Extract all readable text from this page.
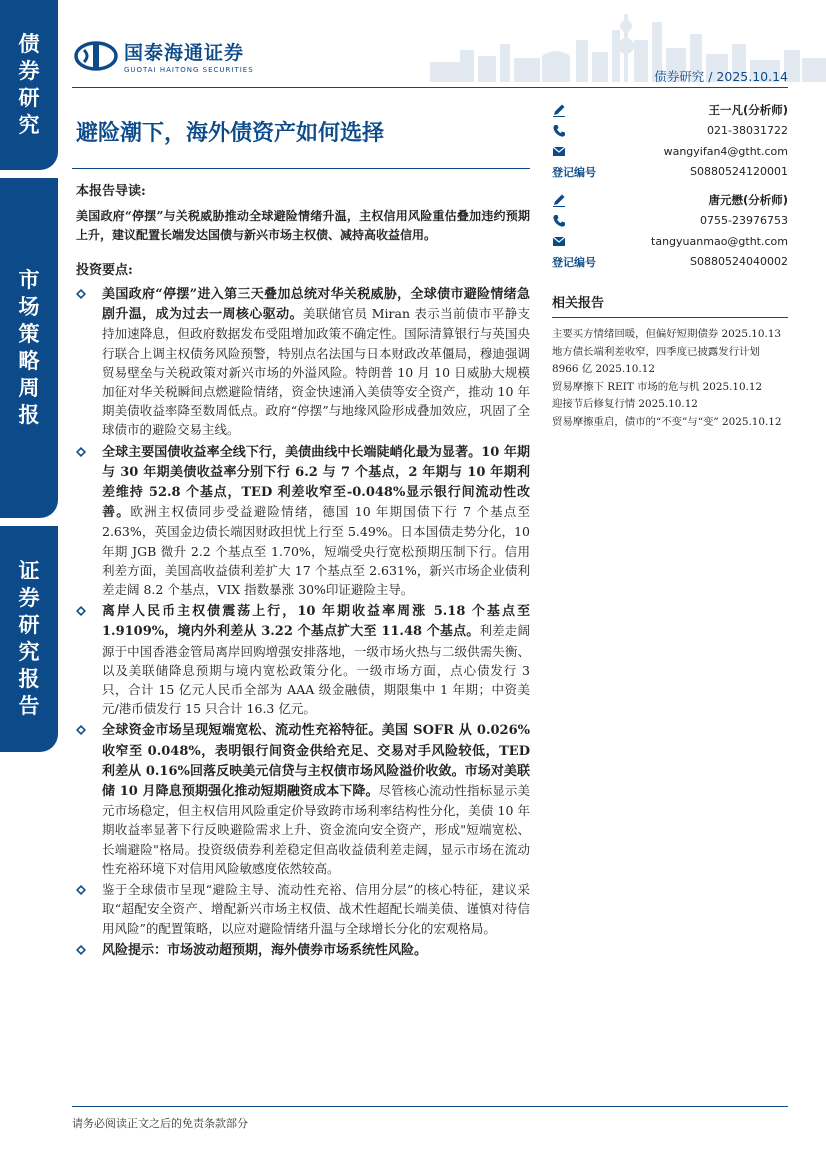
债券研究
市场策略周报
证券研究报告
国泰海通证券
GUOTAI HAITONG SECURITIES	债券研究 / 2025.10.14
避险潮下，海外债资产如何选择

本报告导读:

美国政府“停摆”与关税威胁推动全球避险情绪升温，主权信用风险重估叠加违约预期上升，建议配置长端发达国债与新兴市场主权债、减持高收益信用。

投资要点:

美国政府“停摆”进入第三天叠加总统对华关税威胁，全球债市避险情绪急剧升温，成为过去一周核心驱动。美联储官员 Miran 表示当前债市平静支持加速降息，但政府数据发布受阻增加政策不确定性。国际清算银行与英国央行联合上调主权债务风险预警，特别点名法国与日本财政改革僵局，穆迪强调贸易壁垒与关税政策对新兴市场的外溢风险。特朗普 10 月 10 日威胁大规模加征对华关税瞬间点燃避险情绪，资金快速涌入美债等安全资产，推动 10 年期美债收益率降至数周低点。政府“停摆”与地缘风险形成叠加效应，巩固了全球债市的避险交易主线。
全球主要国债收益率全线下行，美债曲线中长端陡峭化最为显著。10 年期与 30 年期美债收益率分别下行 6.2 与 7 个基点，2 年期与 10 年期利差维持 52.8 个基点，TED 利差收窄至-0.048%显示银行间流动性改善。欧洲主权债同步受益避险情绪，德国 10 年期国债下行 7 个基点至 2.63%，英国金边债长端因财政担忧上行至 5.49%。日本国债走势分化，10 年期 JGB 微升 2.2 个基点至 1.70%，短端受央行宽松预期压制下行。信用利差方面，美国高收益债利差扩大 17 个基点至 2.631%，新兴市场企业债利差走阔 8.2 个基点，VIX 指数暴涨 30%印证避险主导。
离岸人民币主权债震荡上行，10 年期收益率周涨 5.18 个基点至 1.9109%，境内外利差从 3.22 个基点扩大至 11.48 个基点。利差走阔源于中国香港金管局离岸回购增强安排落地，一级市场火热与二级供需失衡、以及美联储降息预期与境内宽松政策分化。一级市场方面，点心债发行 3 只，合计 15 亿元人民币全部为 AAA 级金融债，期限集中 1 年期；中资美元/港币债发行 15 只合计 16.3 亿元。
全球资金市场呈现短端宽松、流动性充裕特征。美国 SOFR 从 0.026%收窄至 0.048%，表明银行间资金供给充足、交易对手风险较低，TED 利差从 0.16%回落反映美元信贷与主权债市场风险溢价收敛。市场对美联储 10 月降息预期强化推动短期融资成本下降。尽管核心流动性指标显示美元市场稳定，但主权信用风险重定价导致跨市场利率结构性分化，美债 10 年期收益率显著下行反映避险需求上升、资金流向安全资产，形成"短端宽松、长端避险"格局。投资级债券利差稳定但高收益债利差走阔，显示市场在流动性充裕环境下对信用风险敏感度依然较高。
鉴于全球债市呈现“避险主导、流动性充裕、信用分层”的核心特征，建议采取“超配安全资产、增配新兴市场主权债、战术性超配长端美债、谨慎对待信用风险”的配置策略，以应对避险情绪升温与全球增长分化的宏观格局。
风险提示：市场波动超预期，海外债券市场系统性风险。
王一凡(分析师)
021-38031722
wangyifan4@gtht.com
登记编号	S0880524120001
唐元懋(分析师)
0755-23976753
tangyuanmao@gtht.com
登记编号	S0880524040002
相关报告
主要买方情绪回暖，但偏好短期债券 2025.10.13
地方债长端利差收窄，四季度已披露发行计划 8966 亿 2025.10.12
贸易摩擦下 REIT 市场的危与机 2025.10.12
迎接节后修复行情 2025.10.12
贸易摩擦重启，债市的“不变”与“变” 2025.10.12
请务必阅读正文之后的免责条款部分
